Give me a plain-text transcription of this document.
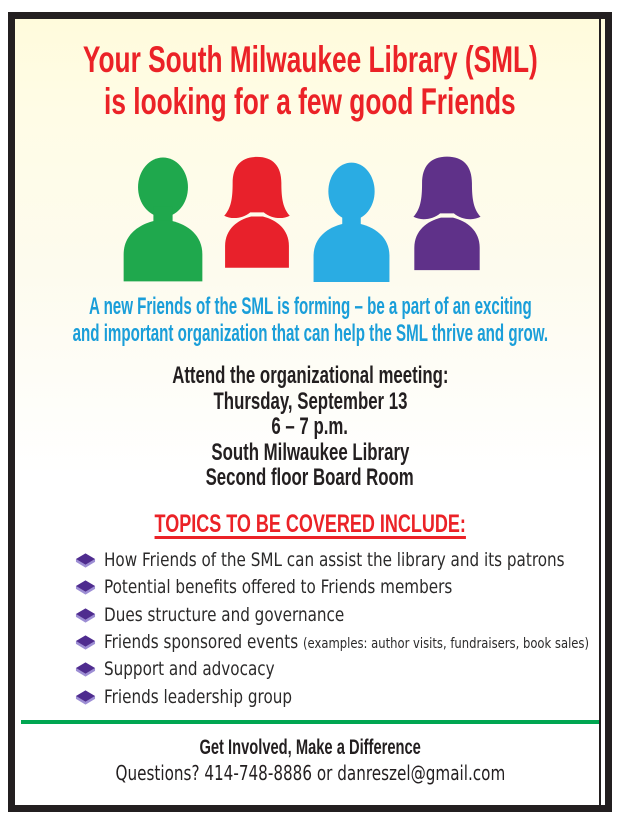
Your South Milwaukee Library (SML)
is looking for a few good Friends
A new Friends of the SML is forming – be a part of an exciting
and important organization that can help the SML thrive and grow.
Attend the organizational meeting:
Thursday, September 13
6 – 7 p.m.
South Milwaukee Library
Second floor Board Room
TOPICS TO BE COVERED INCLUDE:
How Friends of the SML can assist the library and its patrons
Potential benefits offered to Friends members
Dues structure and governance
Friends sponsored events (examples: author visits, fundraisers, book sales)
Support and advocacy
Friends leadership group
Get Involved, Make a Difference
Questions? 414-748-8886 or danreszel@gmail.com
